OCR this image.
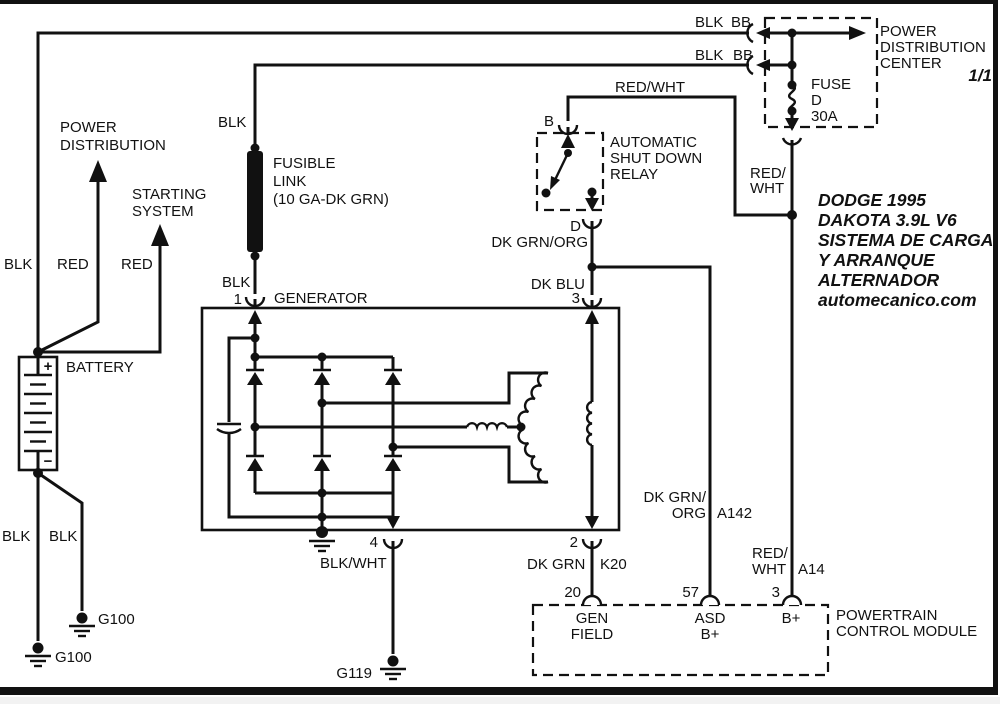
POWER
DISTRIBUTION
CENTER
FUSE
D
30A
1/1
B
D
AUTOMATIC
SHUT DOWN
RELAY
FUSIBLE
LINK
(10 GA-DK GRN)
+
−
BATTERY
GENERATOR
1	3
4	2
20	57	3
GEN
FIELD
ASD
B+
B+ POWERTRAIN
CONTROL MODULE
G100
G100
G119
BLK BB
BLK BB
RED/WHT
RED/
WHT
BLK RED RED
BLK
BLK
DK GRN/ORG
DK BLU
DK GRN/
ORG A142
RED/
WHT A14
BLK/WHT	DK GRN K20
BLK BLK
POWER
DISTRIBUTION
STARTING
SYSTEM
DODGE 1995
DAKOTA 3.9L V6
SISTEMA DE CARGA
Y ARRANQUE
ALTERNADOR
automecanico.com
